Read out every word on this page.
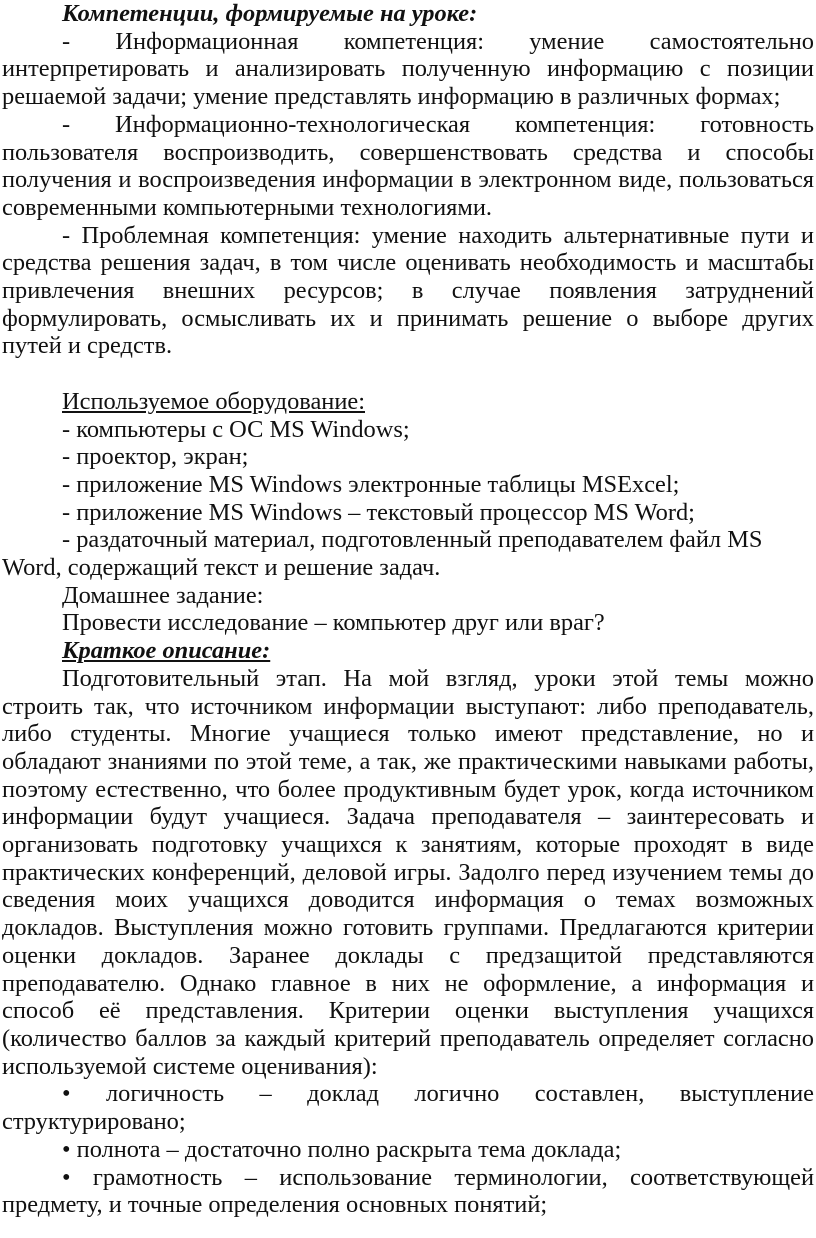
Компетенции, формируемые на уроке:

- Информационная компетенция: умение самостоятельно интерпретировать и анализировать полученную информацию с позиции решаемой задачи; умение представлять информацию в различных формах;

- Информационно-технологическая компетенция: готовность пользователя воспроизводить, совершенствовать средства и способы получения и воспроизведения информации в электронном виде, пользоваться современными компьютерными технологиями.

- Проблемная компетенция: умение находить альтернативные пути и средства решения задач, в том числе оценивать необходимость и масштабы привлечения внешних ресурсов; в случае появления затруднений формулировать, осмысливать их и принимать решение о выборе других путей и средств.

Используемое оборудование:

- компьютеры с ОС MS Windows;

- проектор, экран;

- приложение MS Windows электронные таблицы MSExcel;

- приложение MS Windows – текстовый процессор MS Word;

- раздаточный материал, подготовленный преподавателем файл MS Word, содержащий текст и решение задач.

Домашнее задание:

Провести исследование – компьютер друг или враг?

Краткое описание:

Подготовительный этап. На мой взгляд, уроки этой темы можно строить так, что источником информации выступают: либо преподаватель, либо студенты. Многие учащиеся только имеют представление, но и обладают знаниями по этой теме, а так, же практическими навыками работы, поэтому естественно, что более продуктивным будет урок, когда источником информации будут учащиеся. Задача преподавателя – заинтересовать и организовать подготовку учащихся к занятиям, которые проходят в виде практических конференций, деловой игры. Задолго перед изучением темы до сведения моих учащихся доводится информация о темах возможных докладов. Выступления можно готовить группами. Предлагаются критерии оценки докладов. Заранее доклады с предзащитой представляются преподавателю. Однако главное в них не оформление, а информация и способ её представления. Критерии оценки выступления учащихся (количество баллов за каждый критерий преподаватель определяет согласно используемой системе оценивания):

• логичность – доклад логично составлен, выступление структурировано;

• полнота – достаточно полно раскрыта тема доклада;

• грамотность – использование терминологии, соответствующей предмету, и точные определения основных понятий;
